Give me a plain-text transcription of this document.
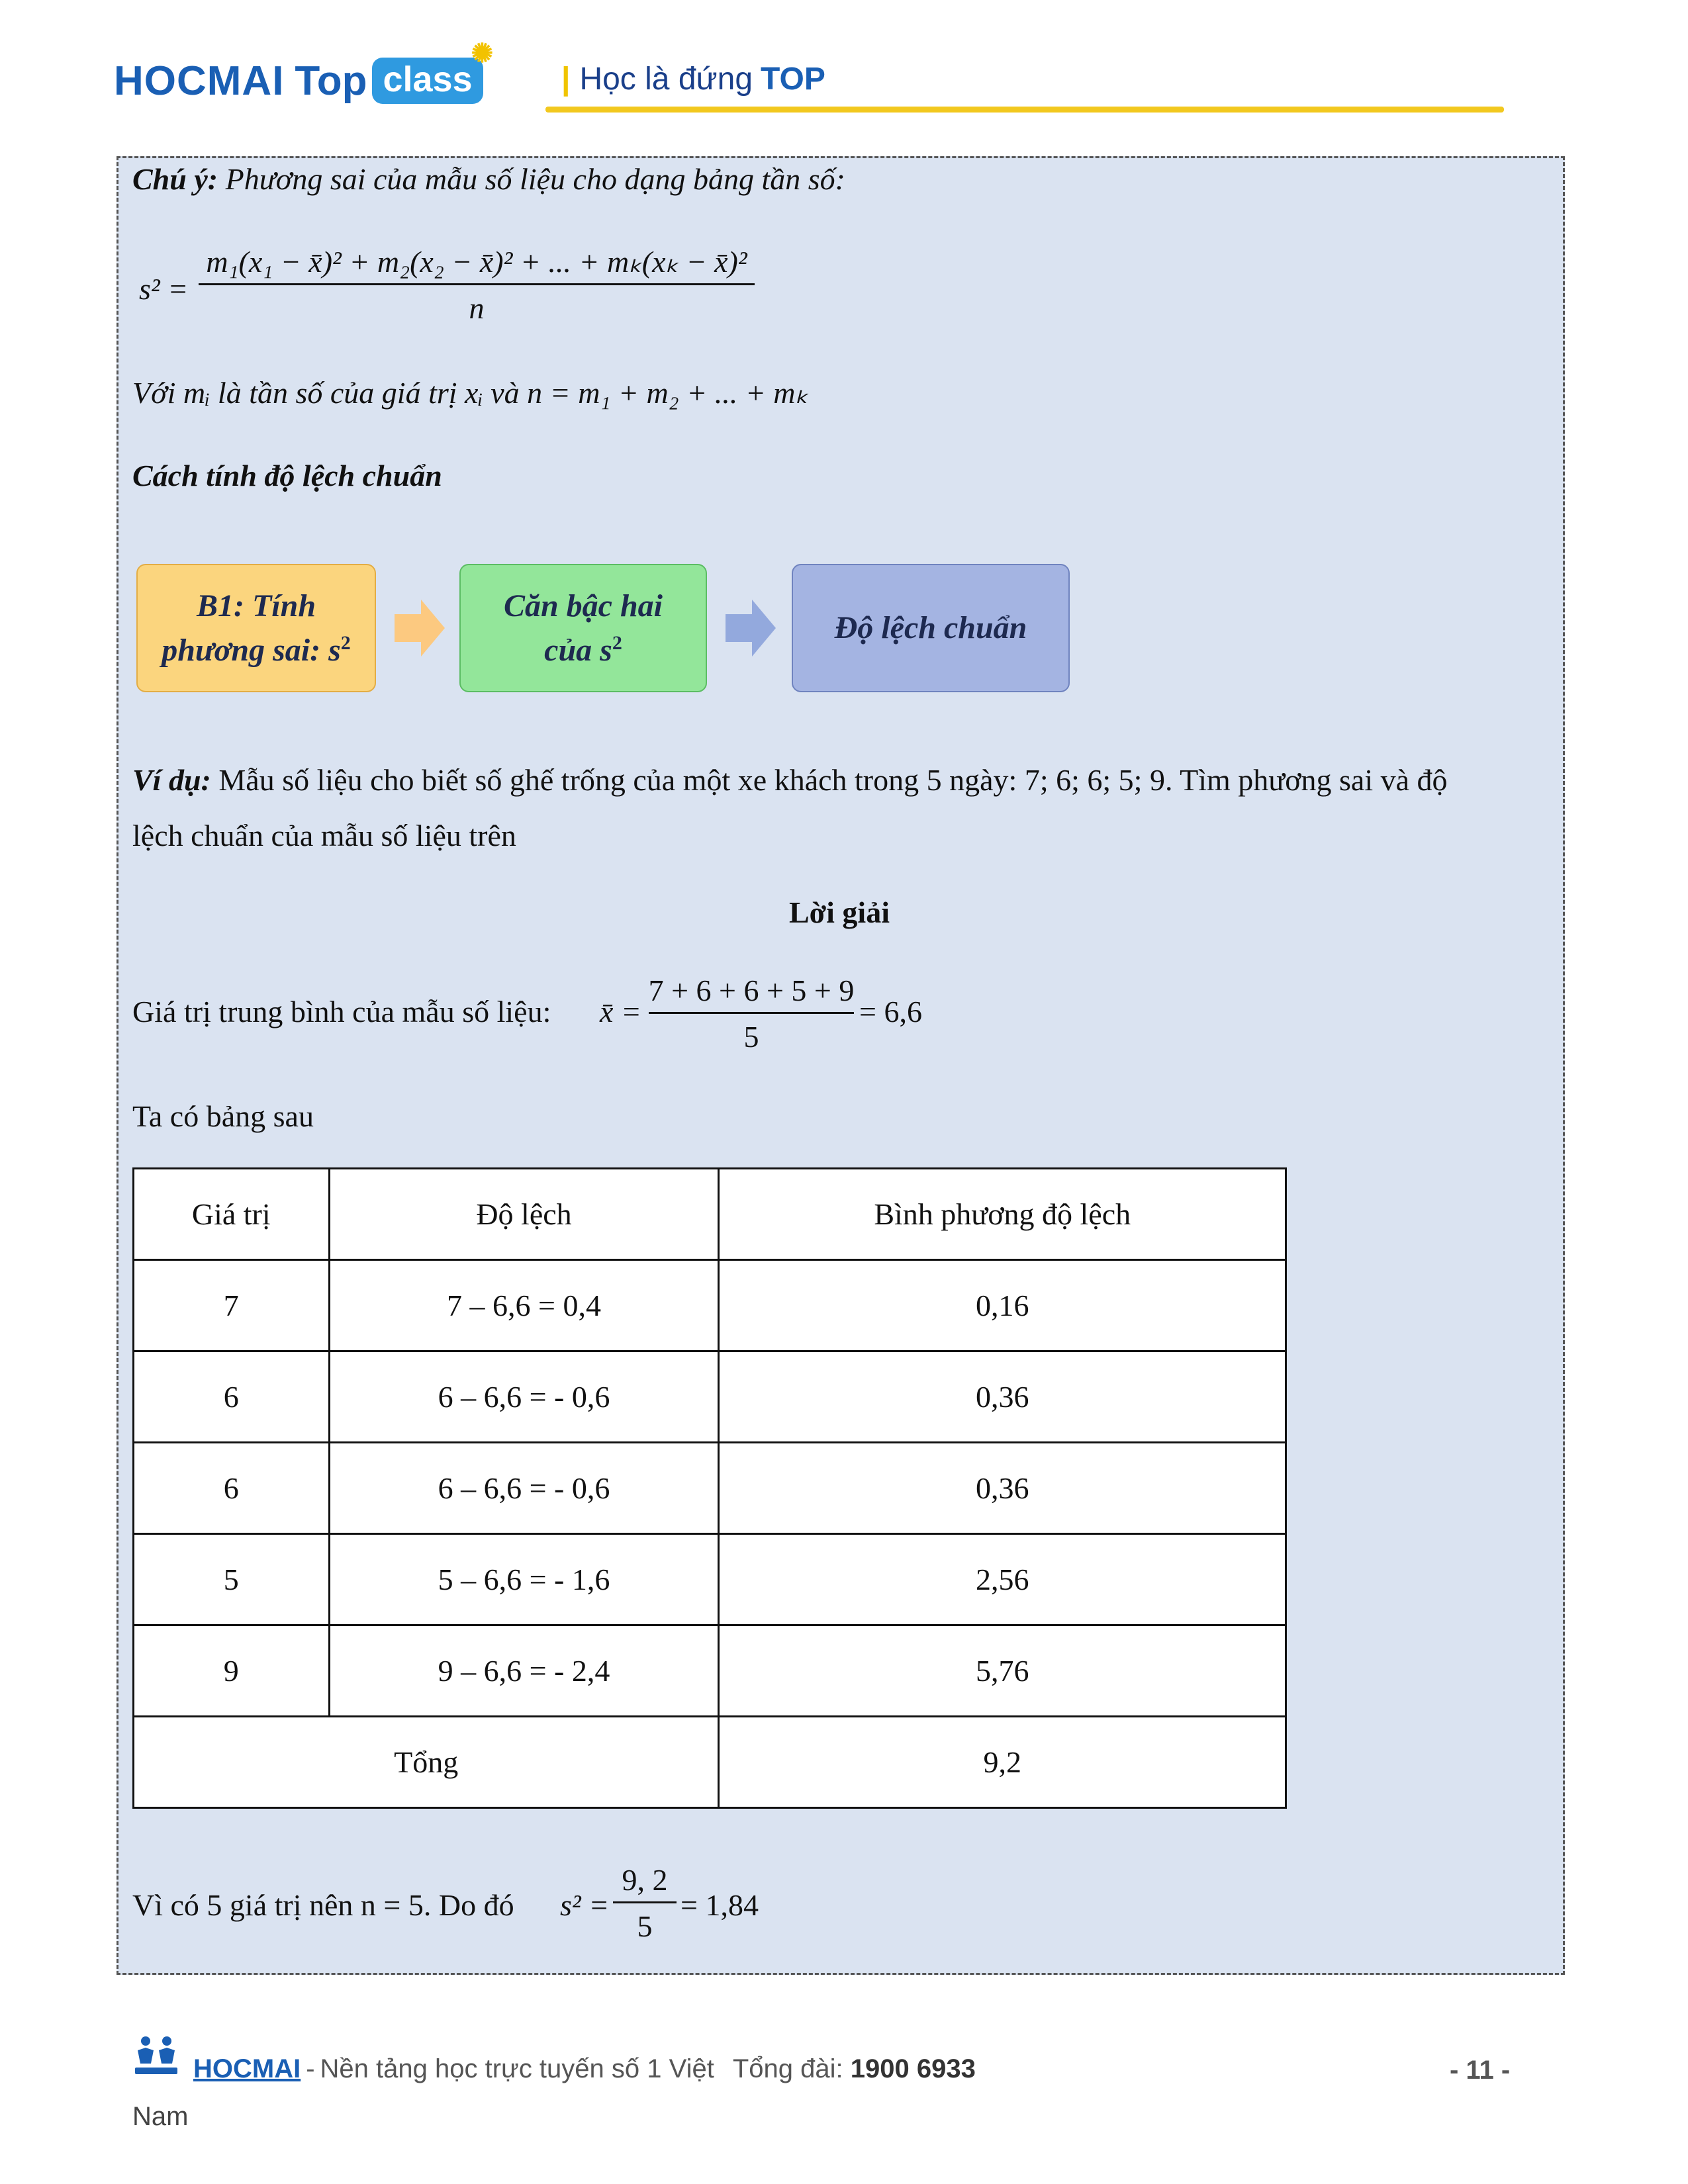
HOCMAI Top class
✺
| Học là đứng TOP
Chú ý: Phương sai của mẫu số liệu cho dạng bảng tần số:
s² =
m₁(x₁ − x̄)² + m₂(x₂ − x̄)² + ... + mₖ(xₖ − x̄)²
n
Với mᵢ là tần số của giá trị xᵢ và n = m₁ + m₂ + ... + mₖ
Cách tính độ lệch chuẩn
B1: Tính
phương sai: $s^2$
Căn bậc hai
của $s^2$	Độ lệch chuẩn
Ví dụ: Mẫu số liệu cho biết số ghế trống của một xe khách trong 5 ngày: 7; 6; 6; 5; 9. Tìm phương sai và độ
lệch chuẩn của mẫu số liệu trên
Lời giải
Giá trị trung bình của mẫu số liệu: x̄ =
7 + 6 + 6 + 5 + 9
5
= 6,6
Ta có bảng sau
Giá trị	Độ lệch	Bình phương độ lệch
7	7 – 6,6 = 0,4	0,16
6	6 – 6,6 = - 0,6	0,36
6	6 – 6,6 = - 0,6	0,36
5	5 – 6,6 = - 1,6	2,56
9	9 – 6,6 = - 2,4	5,76
Tổng		9,2
Vì có 5 giá trị nên n = 5. Do đó s² =
9, 2
5
= 1,84
HOCMAI - Nền tảng học trực tuyến số 1 Việt Tổng đài: 1900 6933	- 11 -
Nam
